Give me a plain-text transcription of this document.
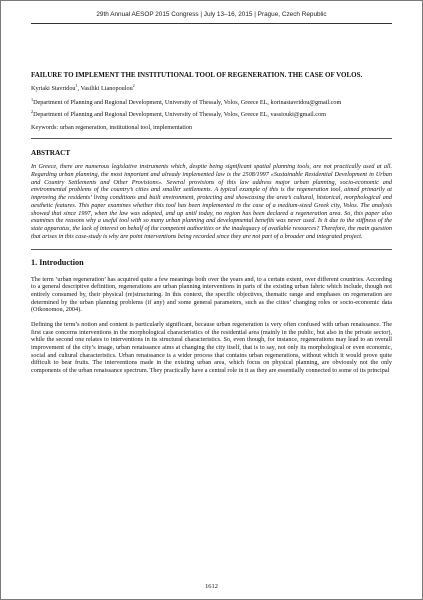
29th Annual AESOP 2015 Congress | July 13–16, 2015 | Prague, Czech Republic

FAILURE TO IMPLEMENT THE INSTITUTIONAL TOOL OF REGENERATION. THE CASE OF VOLOS.

Kyriaki Stavridou$^1$, Vasiliki Lianopoulou$^2$

$^1$Department of Planning and Regional Development, University of Thessaly, Volos, Greece EL, korinastavridou@gmail.com

$^2$Department of Planning and Regional Development, University of Thessaly, Volos, Greece EL, vassiouki@gmail.com

Keywords: urban regeneration, institutional tool, implementation

ABSTRACT

In Greece, there are numerous legislative instruments which, despite being significant spatial planning tools, are not practically used at all. Regarding urban planning, the most important and already implemented law is the 2508/1997 «Sustainable Residential Development in Urban and Country Settlements and Other Provisions». Several provisions of this law address major urban planning, socio-economic and environmental problems of the country’s cities and smaller settlements. A typical example of this is the regeneration tool, aimed primarily at improving the residents’ living conditions and built environment, protecting and showcasing the area’s cultural, historical, morphological and aesthetic features. This paper examines whether this tool has been implemented in the case of a medium-sized Greek city, Volos. The analysis showed that since 1997, when the law was adopted, and up until today, no region has been declared a regeneration area. So, this paper also examines the reasons why a useful tool with so many urban planning and developmental benefits was never used. Is it due to the stiffness of the state apparatus, the lack of interest on behalf of the competent authorities or the inadequacy of available resources? Therefore, the main question that arises in this case-study is why are point interventions being recorded since they are not part of a broader and integrated project.

1. Introduction

The term ‘urban regeneration’ has acquired quite a few meanings both over the years and, to a certain extent, over different countries. According to a general descriptive definition, regenerations are urban planning interventions in parts of the existing urban fabric which include, though not entirely consumed by, their physical (re)structuring. In this context, the specific objectives, thematic range and emphases on regeneration are determined by the urban planning problems (if any) and some general parameters, such as the cities’ changing roles or socio-economic data (Oikonomou, 2004).

Defining the term’s notion and content is particularly significant, because urban regeneration is very often confused with urban renaissance. The first case concerns interventions in the morphological characteristics of the residential area (mainly in the public, but also in the private sector), while the second one relates to interventions in its structural characteristics. So, even though, for instance, regenerations may lead to an overall improvement of the city’s image, urban renaissance aims at changing the city itself, that is to say, not only its morphological or even economic, social and cultural characteristics. Urban renaissance is a wider process that contains urban regenerations, without which it would prove quite difficult to bear fruits. The interventions made in the existing urban area, which focus on physical planning, are obviously not the only components of the urban renaissance spectrum. They practically have a central role in it as they are essentially connected to some of its principal

1612
